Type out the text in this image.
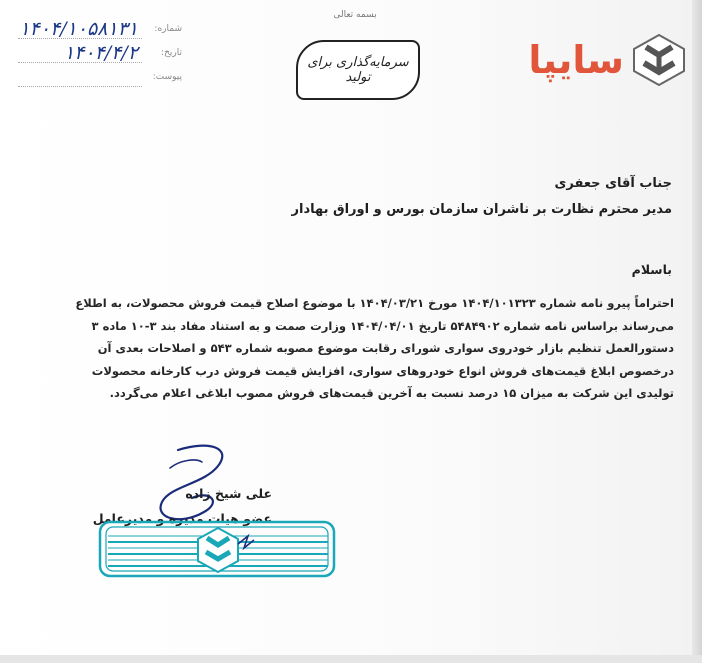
بسمه تعالی
سایپا
سرمایه‌گذاری برای تولید
شماره:
۱۴۰۴/۱۰۵۸۱۳۱
تاریخ:
۱۴۰۴/۴/۲
پیوست:
جناب آقای جعفری
مدیر محترم نظارت بر ناشران سازمان بورس و اوراق بهادار
باسلام
احتراماً پیرو نامه شماره ۱۴۰۴/۱۰۱۳۲۳ مورخ ۱۴۰۴/۰۳/۲۱ با موضوع اصلاح قیمت فروش محصولات، به اطلاع
می‌رساند براساس نامه شماره ۵۴۸۴۹۰۲ تاریخ ۱۴۰۴/۰۴/۰۱ وزارت صمت و به استناد مفاد بند ۳-۱۰ ماده ۳
دستورالعمل تنظیم بازار خودروی سواری شورای رقابت موضوع مصوبه شماره ۵۴۳ و اصلاحات بعدی آن
درخصوص ابلاغ قیمت‌های فروش انواع خودروهای سواری، افزایش قیمت فروش درب کارخانه محصولات
تولیدی این شرکت به میزان ۱۵ درصد نسبت به آخرین قیمت‌های فروش مصوب ابلاغی اعلام می‌گردد.
علی شیخ زاده
عضو هیات مدیره و مدیرعامل
